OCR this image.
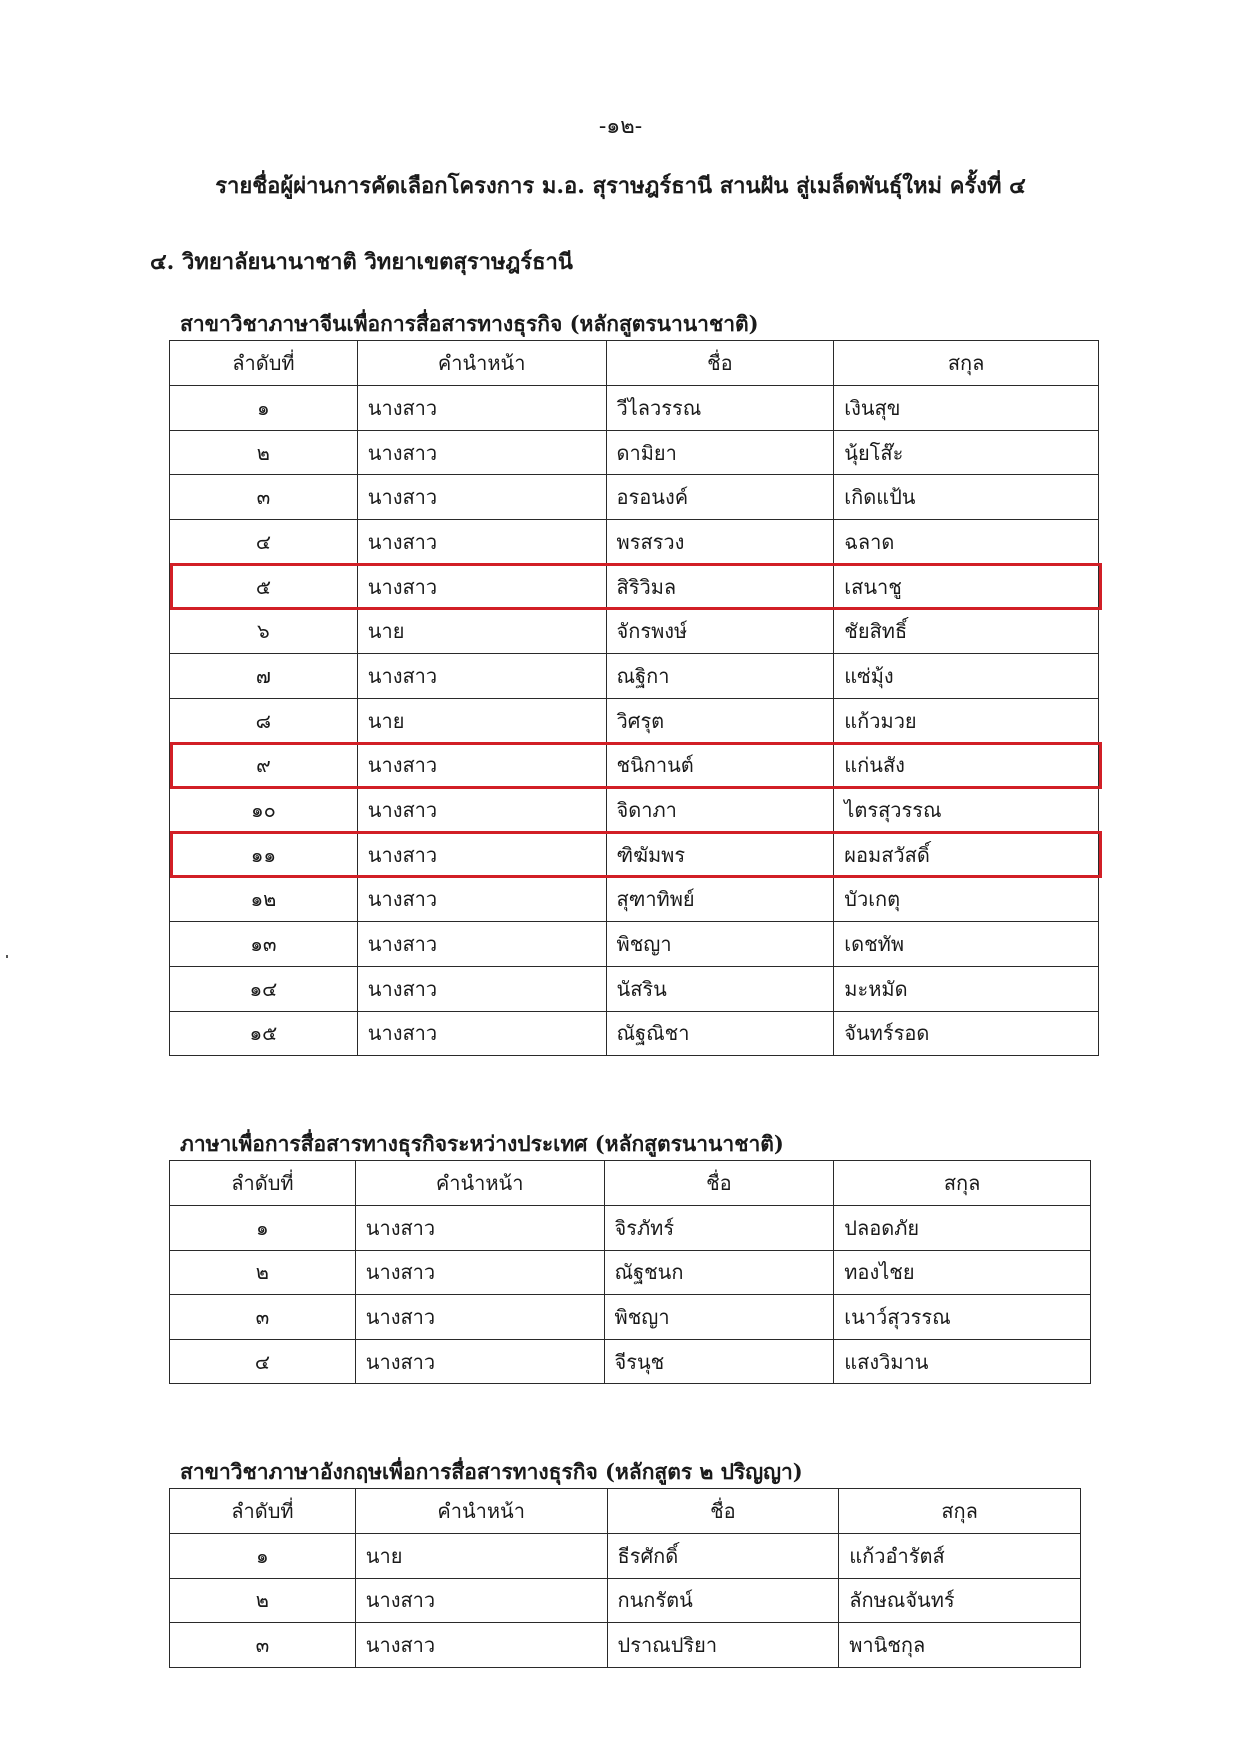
-๑๒-
รายชื่อผู้ผ่านการคัดเลือกโครงการ ม.อ. สุราษฎร์ธานี สานฝัน สู่เมล็ดพันธุ์ใหม่ ครั้งที่ ๔
๔. วิทยาลัยนานาชาติ วิทยาเขตสุราษฎร์ธานี
สาขาวิชาภาษาจีนเพื่อการสื่อสารทางธุรกิจ (หลักสูตรนานาชาติ)
ลำดับที่	คำนำหน้า	ชื่อ	สกุล
๑	นางสาว	วีไลวรรณ	เงินสุข
๒	นางสาว	ดามิยา	นุ้ยโส๊ะ
๓	นางสาว	อรอนงค์	เกิดแป้น
๔	นางสาว	พรสรวง	ฉลาด
๕	นางสาว	สิริวิมล	เสนาชู
๖	นาย	จักรพงษ์	ชัยสิทธิ์
๗	นางสาว	ณฐิกา	แซ่มุ้ง
๘	นาย	วิศรุต	แก้วมวย
๙	นางสาว	ชนิกานต์	แก่นสัง
๑๐	นางสาว	จิดาภา	ไตรสุวรรณ
๑๑	นางสาว	ฑิฆัมพร	ผอมสวัสดิ์
๑๒	นางสาว	สุฑาทิพย์	บัวเกตุ
๑๓	นางสาว	พิชญา	เดชทัพ
๑๔	นางสาว	นัสริน	มะหมัด
๑๕	นางสาว	ณัฐณิชา	จันทร์รอด
ภาษาเพื่อการสื่อสารทางธุรกิจระหว่างประเทศ (หลักสูตรนานาชาติ)
ลำดับที่	คำนำหน้า	ชื่อ	สกุล
๑	นางสาว	จิรภัทร์	ปลอดภัย
๒	นางสาว	ณัฐชนก	ทองไชย
๓	นางสาว	พิชญา	เนาว์สุวรรณ
๔	นางสาว	จีรนุช	แสงวิมาน
สาขาวิชาภาษาอังกฤษเพื่อการสื่อสารทางธุรกิจ (หลักสูตร ๒ ปริญญา)
ลำดับที่	คำนำหน้า	ชื่อ	สกุล
๑	นาย	ธีรศักดิ์	แก้วอำรัตส์
๒	นางสาว	กนกรัตน์	ลักษณจันทร์
๓	นางสาว	ปราณปริยา	พานิชกุล
